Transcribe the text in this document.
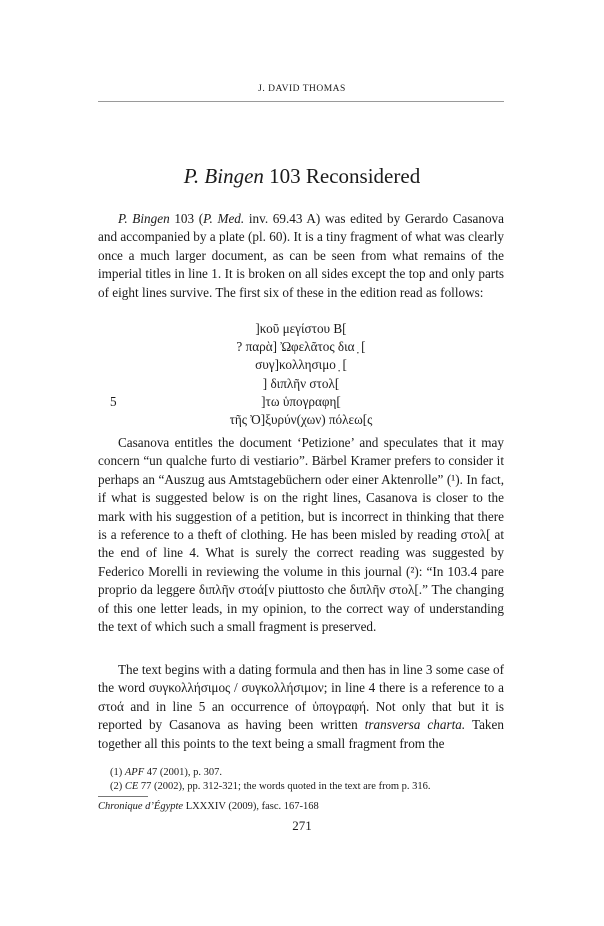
J. DAVID THOMAS
P. Bingen 103 Reconsidered

P. Bingen 103 (P. Med. inv. 69.43 A) was edited by Gerardo Casanova and accompanied by a plate (pl. 60). It is a tiny fragment of what was clearly once a much larger document, as can be seen from what remains of the imperial titles in line 1. It is broken on all sides except the top and only parts of eight lines survive. The first six of these in the edition read as follows:

]κοῦ μεγίστου Β[
? παρὰ] Ὠφελᾶτος δια ̣ [
συγ]κολλησιμο ̣ [
] διπλῆν στολ[
5	]τω ὑπογραφη[
τῆς Ὀ]ξυρύν(χων) πόλεω[ς

Casanova entitles the document ‘Petizione’ and speculates that it may concern “un qualche furto di vestiario”. Bärbel Kramer prefers to consider it perhaps an “Auszug aus Amtstagebüchern oder einer Aktenrolle” (¹). In fact, if what is suggested below is on the right lines, Casanova is closer to the mark with his suggestion of a petition, but is incorrect in thinking that there is a reference to a theft of clothing. He has been misled by reading στολ[ at the end of line 4. What is surely the correct reading was suggested by Federico Morelli in reviewing the volume in this journal (²): “In 103.4 pare proprio da leggere διπλῆν στοά[ν piuttosto che διπλῆν στολ[.” The changing of this one letter leads, in my opinion, to the correct way of understanding the text of which such a small fragment is preserved.

The text begins with a dating formula and then has in line 3 some case of the word συγκολλήσιμος / συγκολλήσιμον; in line 4 there is a reference to a στοά and in line 5 an occurrence of ὑπογραφή. Not only that but it is reported by Casanova as having been written transversa charta. Taken together all this points to the text being a small fragment from the

(1) APF 47 (2001), p. 307.
(2) CE 77 (2002), pp. 312-321; the words quoted in the text are from p. 316.
Chronique d’Égypte LXXXIV (2009), fasc. 167-168
271
